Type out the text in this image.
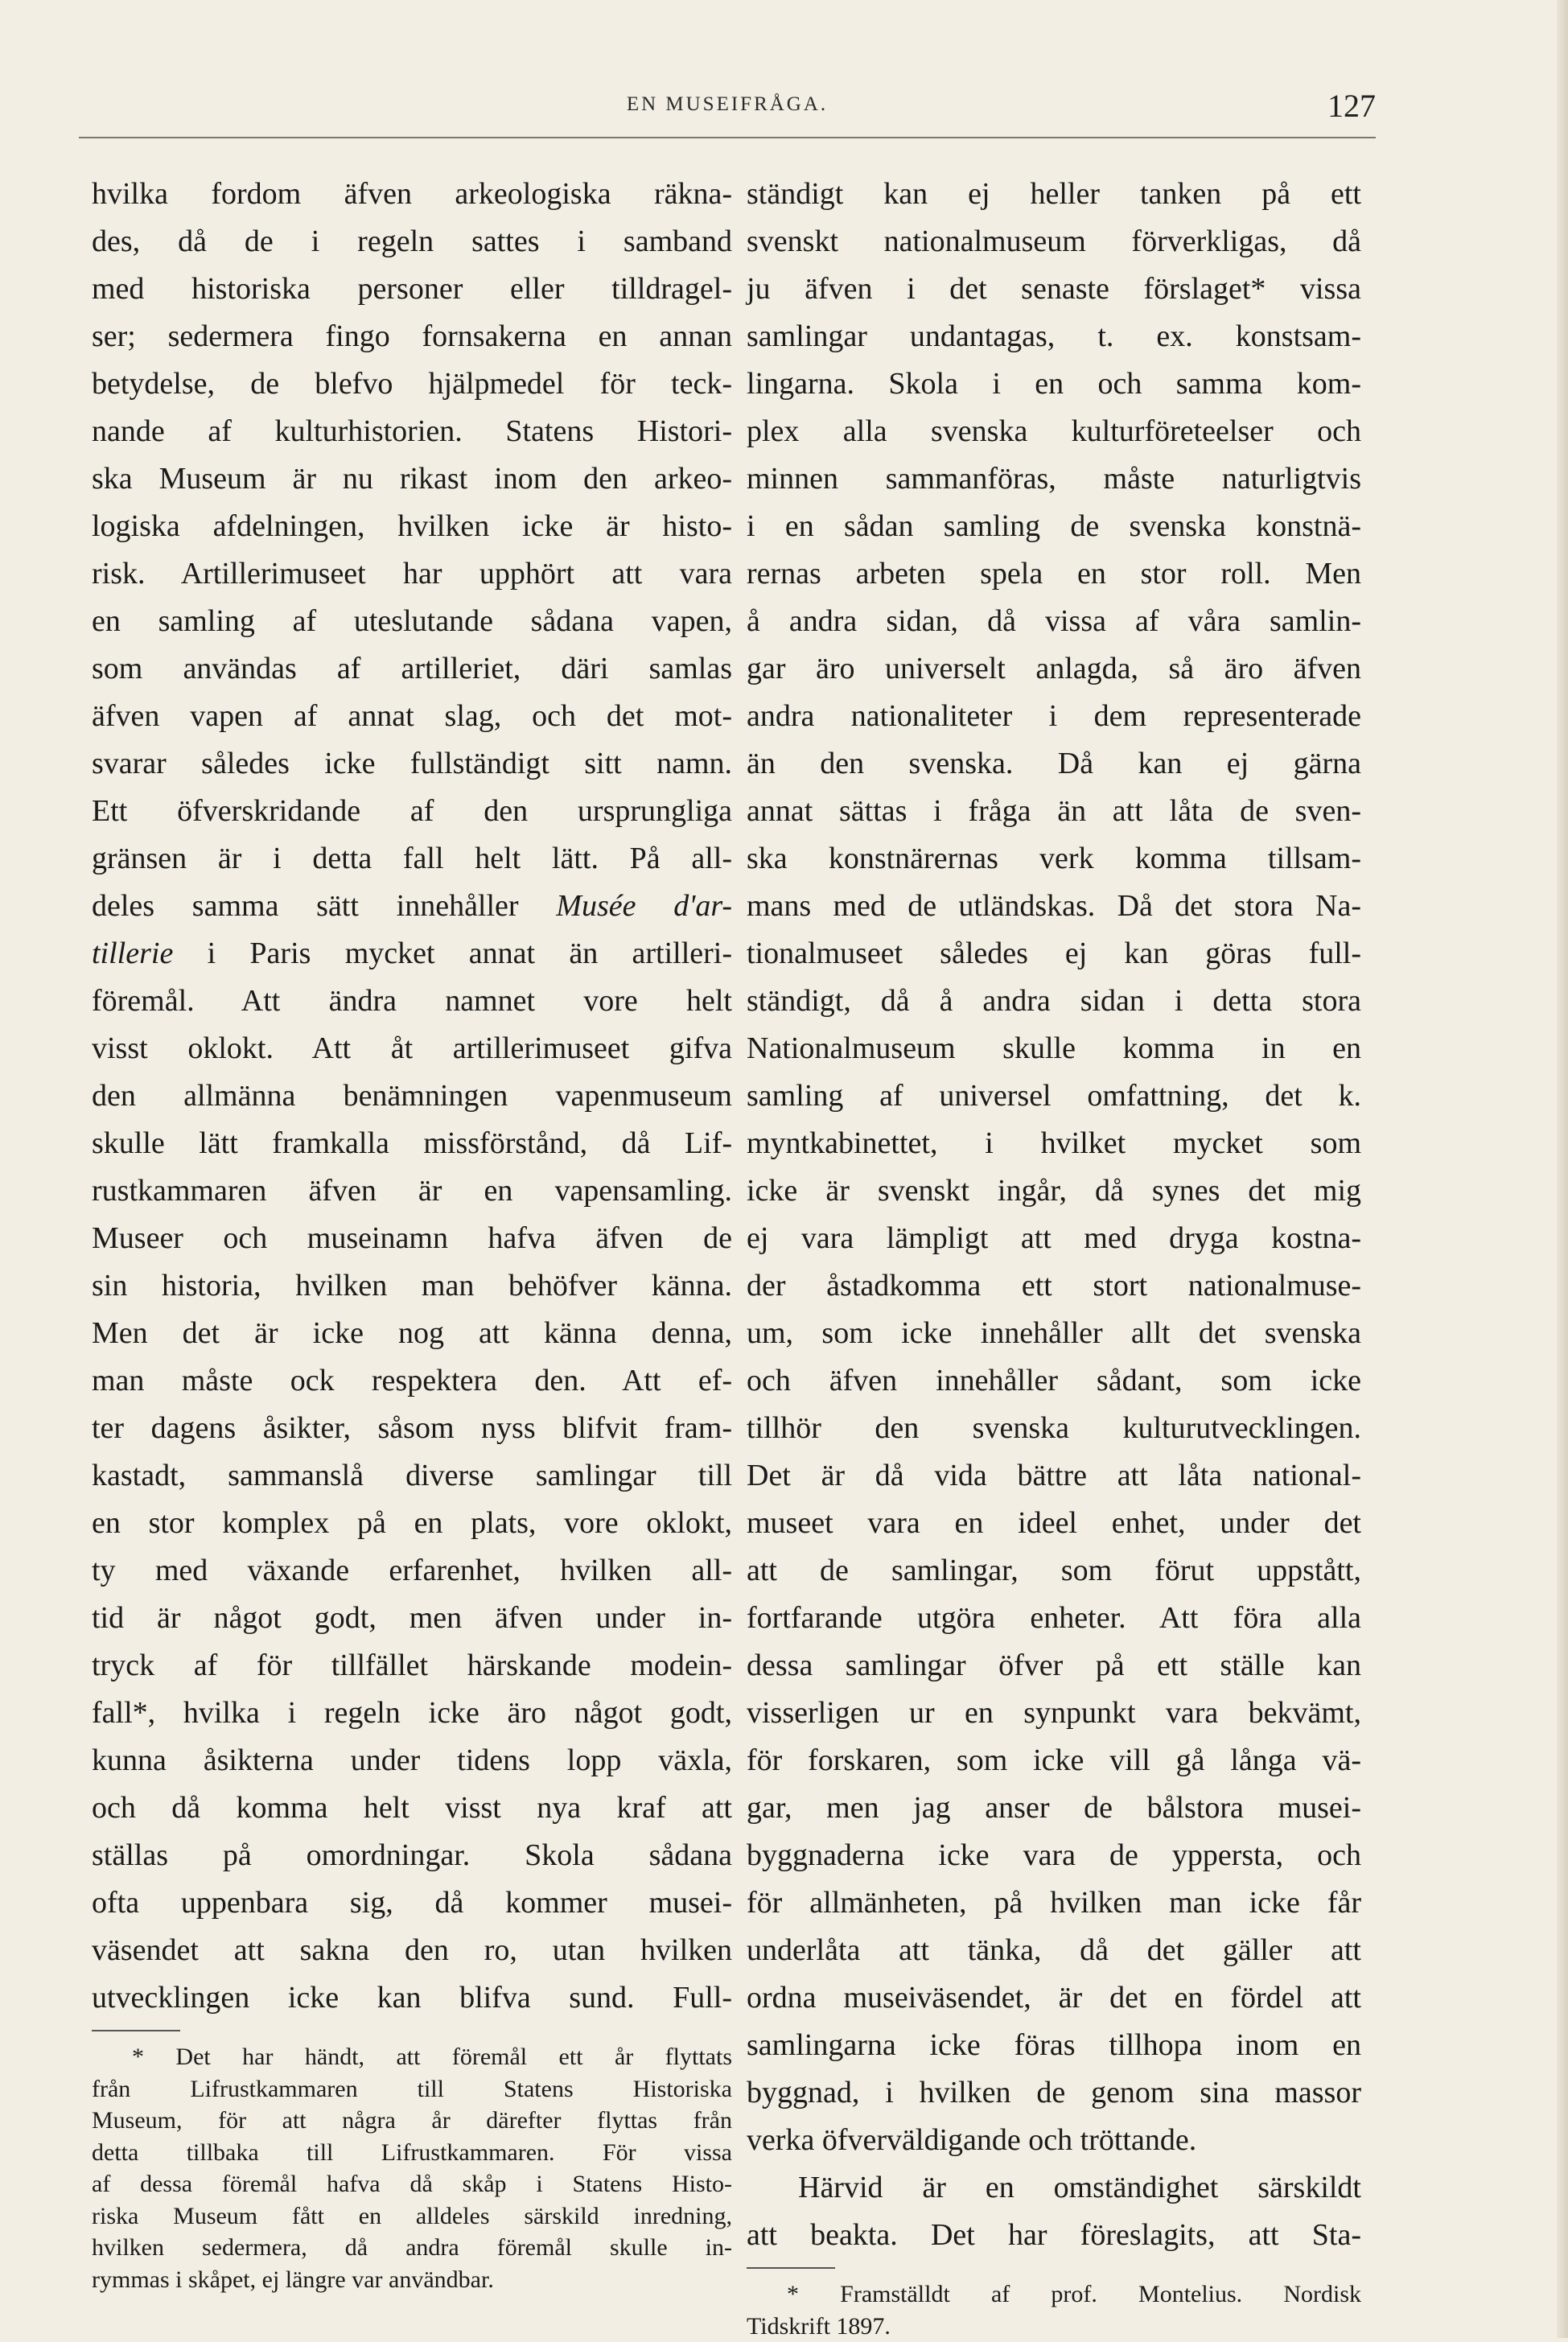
EN MUSEIFRÅGA.	127
hvilka fordom äfven arkeologiska räkna-
des, då de i regeln sattes i samband
med historiska personer eller tilldragel-
ser; sedermera fingo fornsakerna en annan
betydelse, de blefvo hjälpmedel för teck-
nande af kulturhistorien. Statens Histori-
ska Museum är nu rikast inom den arkeo-
logiska afdelningen, hvilken icke är histo-
risk. Artillerimuseet har upphört att vara
en samling af uteslutande sådana vapen,
som användas af artilleriet, däri samlas
äfven vapen af annat slag, och det mot-
svarar således icke fullständigt sitt namn.
Ett öfverskridande af den ursprungliga
gränsen är i detta fall helt lätt. På all-
deles samma sätt innehåller Musée d'ar-
tillerie i Paris mycket annat än artilleri-
föremål. Att ändra namnet vore helt
visst oklokt. Att åt artillerimuseet gifva
den allmänna benämningen vapenmuseum
skulle lätt framkalla missförstånd, då Lif-
rustkammaren äfven är en vapensamling.
Museer och museinamn hafva äfven de
sin historia, hvilken man behöfver känna.
Men det är icke nog att känna denna,
man måste ock respektera den. Att ef-
ter dagens åsikter, såsom nyss blifvit fram-
kastadt, sammanslå diverse samlingar till
en stor komplex på en plats, vore oklokt,
ty med växande erfarenhet, hvilken all-
tid är något godt, men äfven under in-
tryck af för tillfället härskande modein-
fall*, hvilka i regeln icke äro något godt,
kunna åsikterna under tidens lopp växla,
och då komma helt visst nya kraf att
ställas på omordningar. Skola sådana
ofta uppenbara sig, då kommer musei-
väsendet att sakna den ro, utan hvilken
utvecklingen icke kan blifva sund. Full-
* Det har händt, att föremål ett år flyttats
från Lifrustkammaren till Statens Historiska
Museum, för att några år därefter flyttas från
detta tillbaka till Lifrustkammaren. För vissa
af dessa föremål hafva då skåp i Statens Histo-
riska Museum fått en alldeles särskild inredning,
hvilken sedermera, då andra föremål skulle in-
rymmas i skåpet, ej längre var användbar.
ständigt kan ej heller tanken på ett
svenskt nationalmuseum förverkligas, då
ju äfven i det senaste förslaget* vissa
samlingar undantagas, t. ex. konstsam-
lingarna. Skola i en och samma kom-
plex alla svenska kulturföreteelser och
minnen sammanföras, måste naturligtvis
i en sådan samling de svenska konstnä-
rernas arbeten spela en stor roll. Men
å andra sidan, då vissa af våra samlin-
gar äro universelt anlagda, så äro äfven
andra nationaliteter i dem representerade
än den svenska. Då kan ej gärna
annat sättas i fråga än att låta de sven-
ska konstnärernas verk komma tillsam-
mans med de utländskas. Då det stora Na-
tionalmuseet således ej kan göras full-
ständigt, då å andra sidan i detta stora
Nationalmuseum skulle komma in en
samling af universel omfattning, det k.
myntkabinettet, i hvilket mycket som
icke är svenskt ingår, då synes det mig
ej vara lämpligt att med dryga kostna-
der åstadkomma ett stort nationalmuse-
um, som icke innehåller allt det svenska
och äfven innehåller sådant, som icke
tillhör den svenska kulturutvecklingen.
Det är då vida bättre att låta national-
museet vara en ideel enhet, under det
att de samlingar, som förut uppstått,
fortfarande utgöra enheter. Att föra alla
dessa samlingar öfver på ett ställe kan
visserligen ur en synpunkt vara bekvämt,
för forskaren, som icke vill gå långa vä-
gar, men jag anser de bålstora musei-
byggnaderna icke vara de yppersta, och
för allmänheten, på hvilken man icke får
underlåta att tänka, då det gäller att
ordna museiväsendet, är det en fördel att
samlingarna icke föras tillhopa inom en
byggnad, i hvilken de genom sina massor
verka öfverväldigande och tröttande.
Härvid är en omständighet särskildt
att beakta. Det har föreslagits, att Sta-
* Framställdt af prof. Montelius. Nordisk
Tidskrift 1897.
